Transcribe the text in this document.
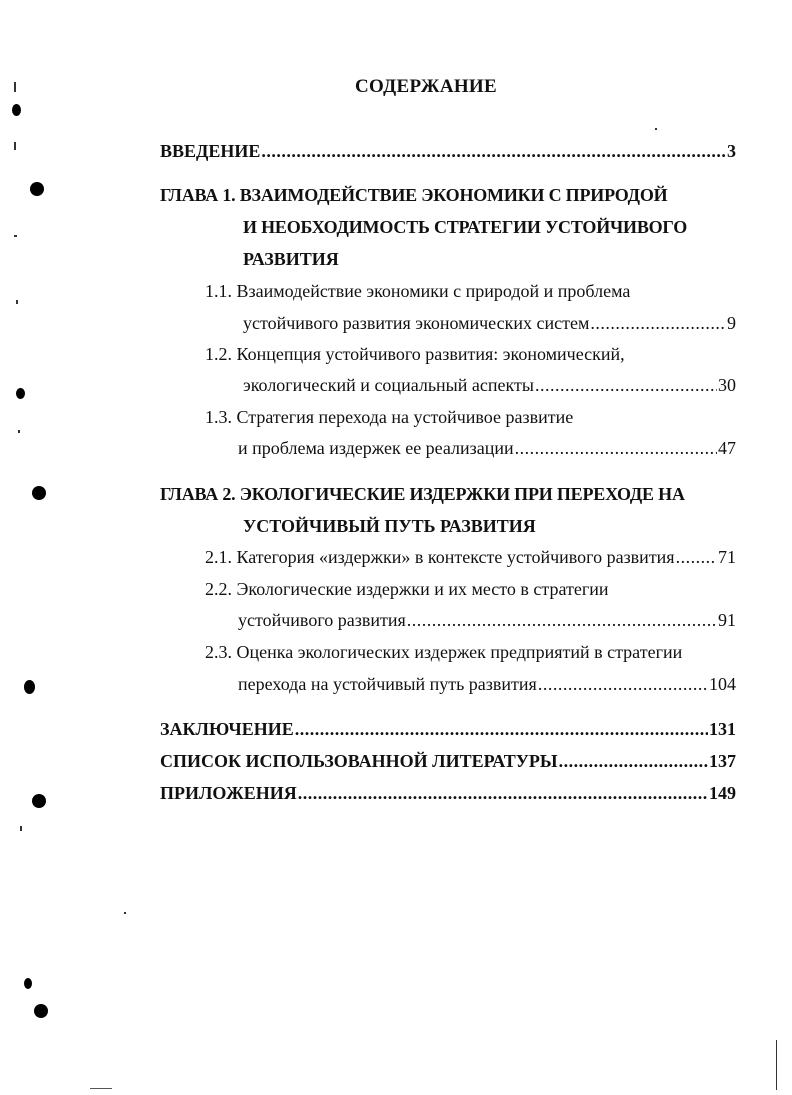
СОДЕРЖАНИЕ
ВВЕДЕНИЕ .....	3
ГЛАВА 1. ВЗАИМОДЕЙСТВИЕ ЭКОНОМИКИ С ПРИРОДОЙ
И НЕОБХОДИМОСТЬ СТРАТЕГИИ УСТОЙЧИВОГО
РАЗВИТИЯ
1.1. Взаимодействие экономики с природой и проблема
устойчивого развития экономических систем .....	9
1.2. Концепция устойчивого развития: экономический,
экологический и социальный аспекты .....	30
1.3. Стратегия перехода на устойчивое развитие
и проблема издержек ее реализации .....	47
ГЛАВА 2. ЭКОЛОГИЧЕСКИЕ ИЗДЕРЖКИ ПРИ ПЕРЕХОДЕ НА
УСТОЙЧИВЫЙ ПУТЬ РАЗВИТИЯ
2.1. Категория «издержки» в контексте устойчивого развития ..... 71
2.2. Экологические издержки и их место в стратегии
устойчивого развития .....	91
2.3. Оценка экологических издержек предприятий в стратегии
перехода на устойчивый путь развития .....	104
ЗАКЛЮЧЕНИЕ .....	131
СПИСОК ИСПОЛЬЗОВАННОЙ ЛИТЕРАТУРЫ .....	137
ПРИЛОЖЕНИЯ .....	149
